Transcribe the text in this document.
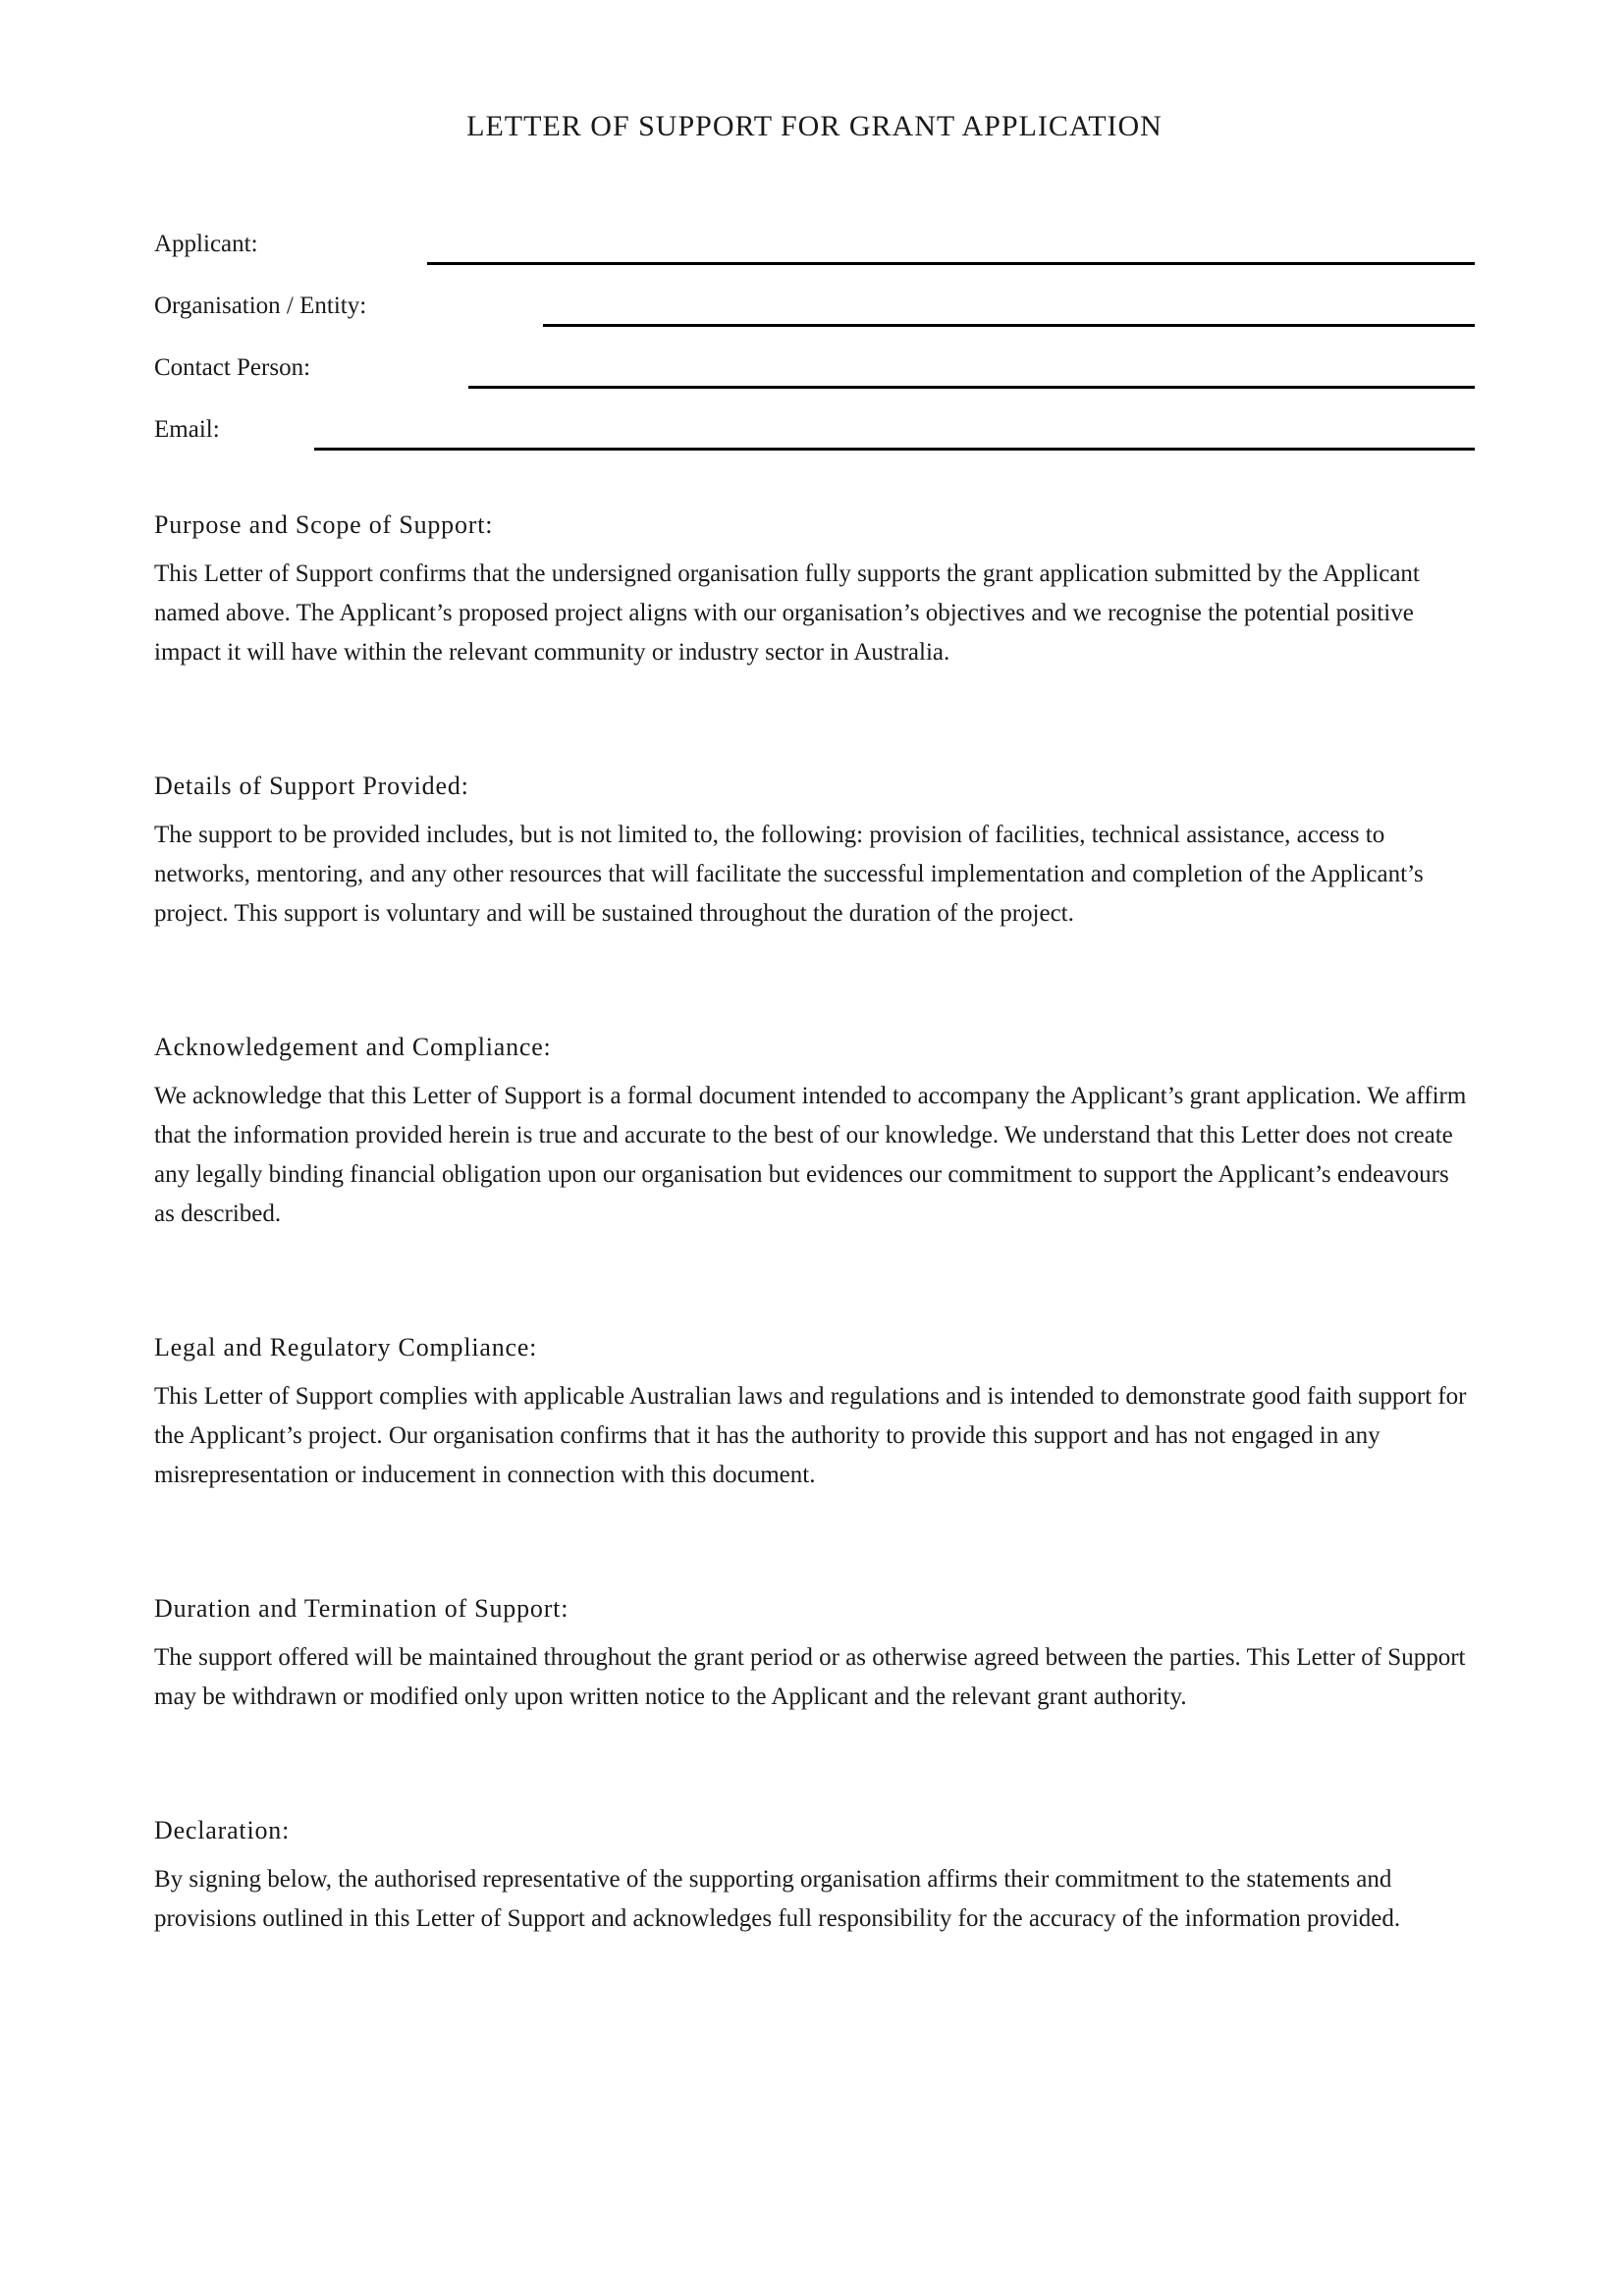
LETTER OF SUPPORT FOR GRANT APPLICATION
Applicant:
Organisation / Entity:
Contact Person:
Email:
Purpose and Scope of Support:

This Letter of Support confirms that the undersigned organisation fully supports the grant application submitted by the Applicant named above. The Applicant’s proposed project aligns with our organisation’s objectives and we recognise the potential positive impact it will have within the relevant community or industry sector in Australia.

Details of Support Provided:

The support to be provided includes, but is not limited to, the following: provision of facilities, technical assistance, access to networks, mentoring, and any other resources that will facilitate the successful implementation and completion of the Applicant’s project. This support is voluntary and will be sustained throughout the duration of the project.

Acknowledgement and Compliance:

We acknowledge that this Letter of Support is a formal document intended to accompany the Applicant’s grant application. We affirm that the information provided herein is true and accurate to the best of our knowledge. We understand that this Letter does not create any legally binding financial obligation upon our organisation but evidences our commitment to support the Applicant’s endeavours as described.

Legal and Regulatory Compliance:

This Letter of Support complies with applicable Australian laws and regulations and is intended to demonstrate good faith support for the Applicant’s project. Our organisation confirms that it has the authority to provide this support and has not engaged in any misrepresentation or inducement in connection with this document.

Duration and Termination of Support:

The support offered will be maintained throughout the grant period or as otherwise agreed between the parties. This Letter of Support may be withdrawn or modified only upon written notice to the Applicant and the relevant grant authority.

Declaration:

By signing below, the authorised representative of the supporting organisation affirms their commitment to the statements and provisions outlined in this Letter of Support and acknowledges full responsibility for the accuracy of the information provided.
